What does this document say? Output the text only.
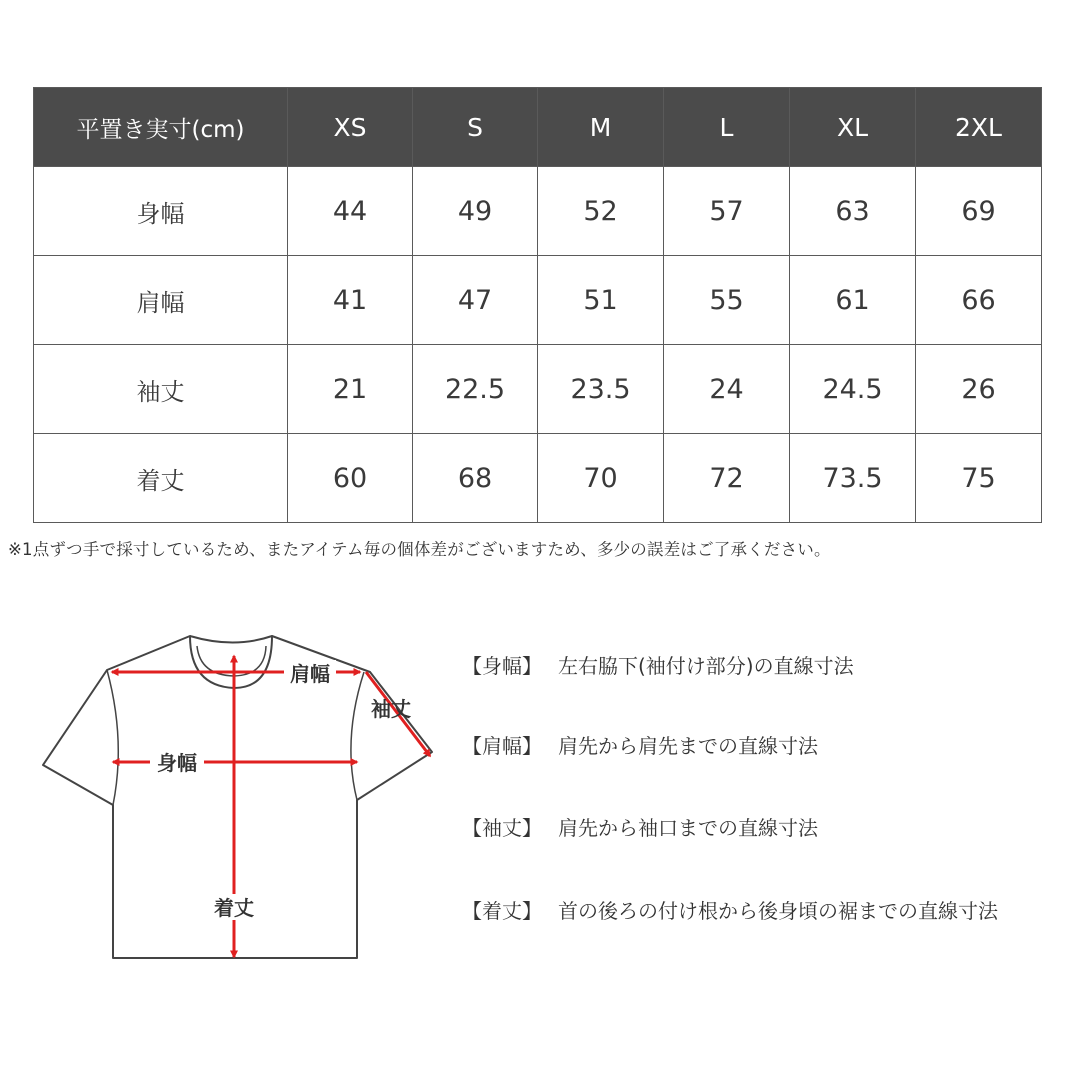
平置き実寸(cm)	XS	S	M	L	XL	2XL
身幅	44	49	52	57	63	69
肩幅	41	47	51	55	61	66
袖丈	21	22.5	23.5	24	24.5	26
着丈	60	68	70	72	73.5	75
※1点ずつ手で採寸しているため、またアイテム毎の個体差がございますため、多少の誤差はご了承ください。
肩幅
袖丈
身幅
着丈
【身幅】 左右脇下(袖付け部分)の直線寸法
【肩幅】 肩先から肩先までの直線寸法
【袖丈】 肩先から袖口までの直線寸法
【着丈】 首の後ろの付け根から後身頃の裾までの直線寸法
